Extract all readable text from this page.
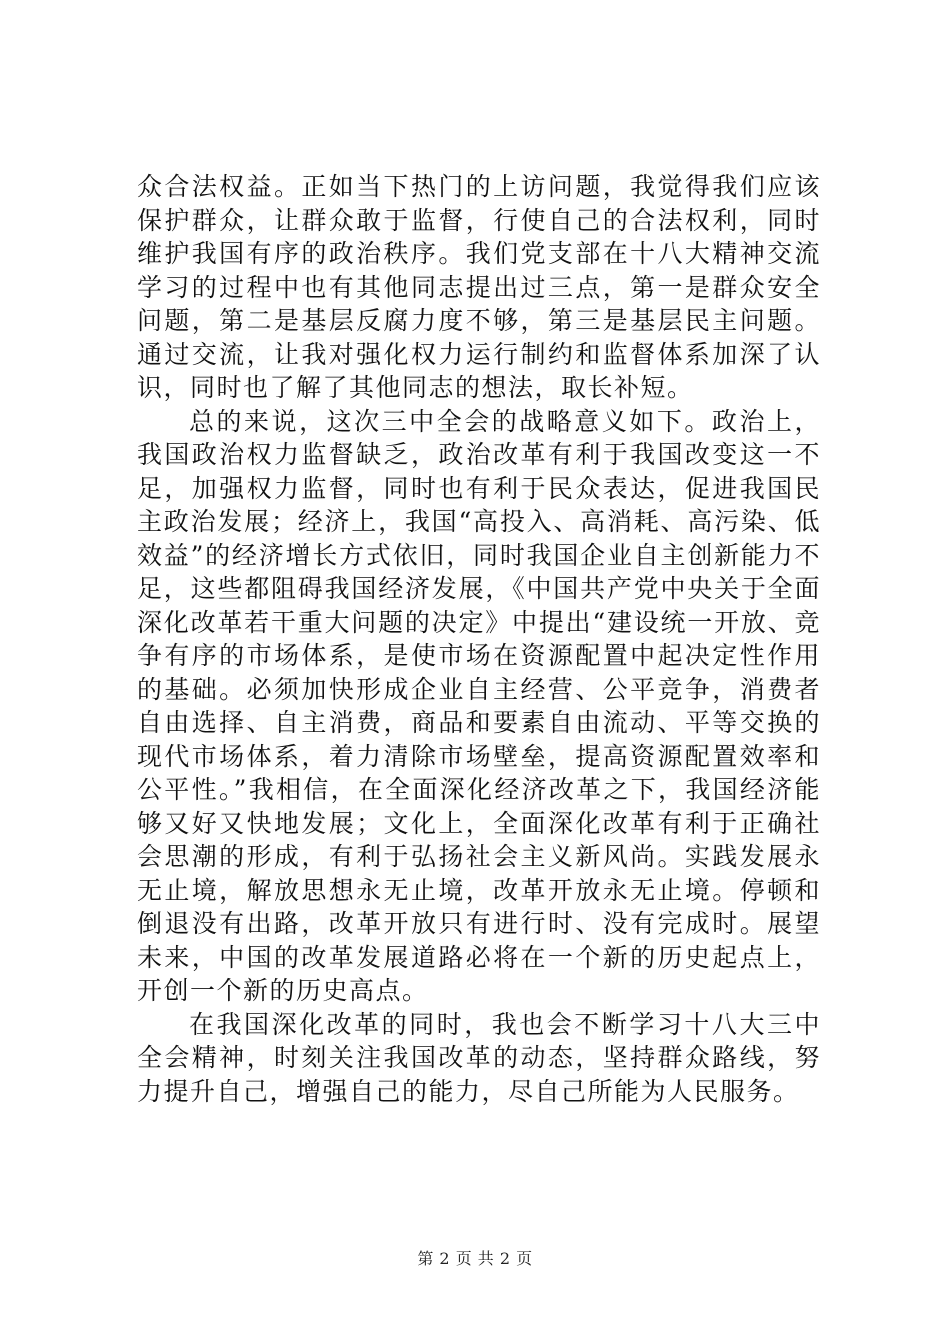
众合法权益。正如当下热门的上访问题，我觉得我们应该保护群众，让群众敢于监督，行使自己的合法权利，同时维护我国有序的政治秩序。我们党支部在十八大精神交流学习的过程中也有其他同志提出过三点，第一是群众安全问题，第二是基层反腐力度不够，第三是基层民主问题。通过交流，让我对强化权力运行制约和监督体系加深了认识，同时也了解了其他同志的想法，取长补短。

总的来说，这次三中全会的战略意义如下。政治上，我国政治权力监督缺乏，政治改革有利于我国改变这一不足，加强权力监督，同时也有利于民众表达，促进我国民主政治发展；经济上，我国“高投入、高消耗、高污染、低效益”的经济增长方式依旧，同时我国企业自主创新能力不足，这些都阻碍我国经济发展，《中国共产党中央关于全面深化改革若干重大问题的决定》中提出“建设统一开放、竞争有序的市场体系，是使市场在资源配置中起决定性作用的基础。必须加快形成企业自主经营、公平竞争，消费者自由选择、自主消费，商品和要素自由流动、平等交换的现代市场体系，着力清除市场壁垒，提高资源配置效率和公平性。”我相信，在全面深化经济改革之下，我国经济能够又好又快地发展；文化上，全面深化改革有利于正确社会思潮的形成，有利于弘扬社会主义新风尚。实践发展永无止境，解放思想永无止境，改革开放永无止境。停顿和倒退没有出路，改革开放只有进行时、没有完成时。展望未来，中国的改革发展道路必将在一个新的历史起点上，开创一个新的历史高点。

在我国深化改革的同时，我也会不断学习十八大三中全会精神，时刻关注我国改革的动态，坚持群众路线，努力提升自己，增强自己的能力，尽自己所能为人民服务。

第 2 页 共 2 页
